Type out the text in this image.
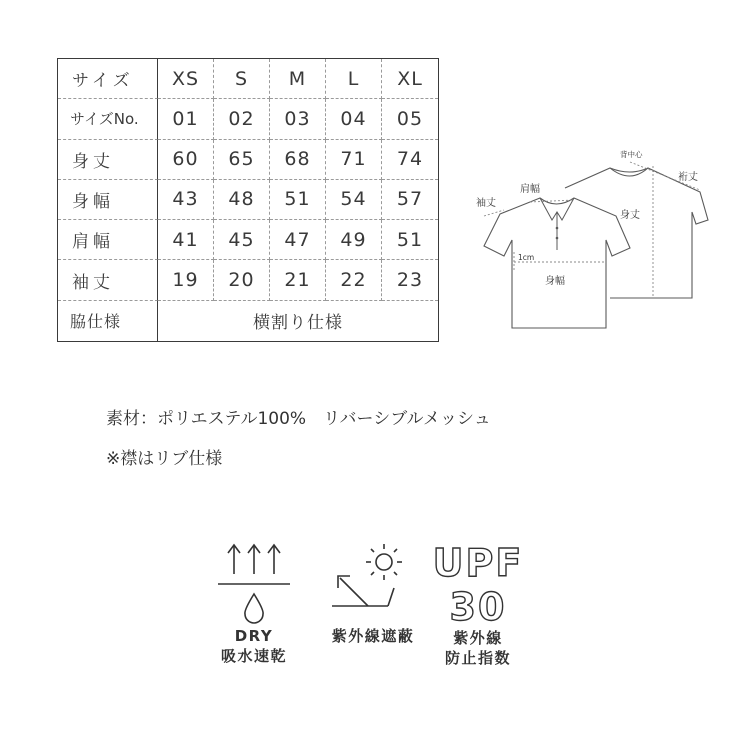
サイズ	XS	S	M	L	XL
サイズNo.	01	02	03	04	05
身丈	60	65	68	71	74
身幅	43	48	51	54	57
肩幅	41	45	47	49	51
袖丈	19	20	21	22	23
脇仕様	横割り仕様
背中心
裄丈
身丈
肩幅
袖丈
1cm
身幅
素材：ポリエステル100%　リバーシブルメッシュ
※襟はリブ仕様
DRY
吸水速乾
紫外線遮蔽
UPF
30
紫外線
防止指数
